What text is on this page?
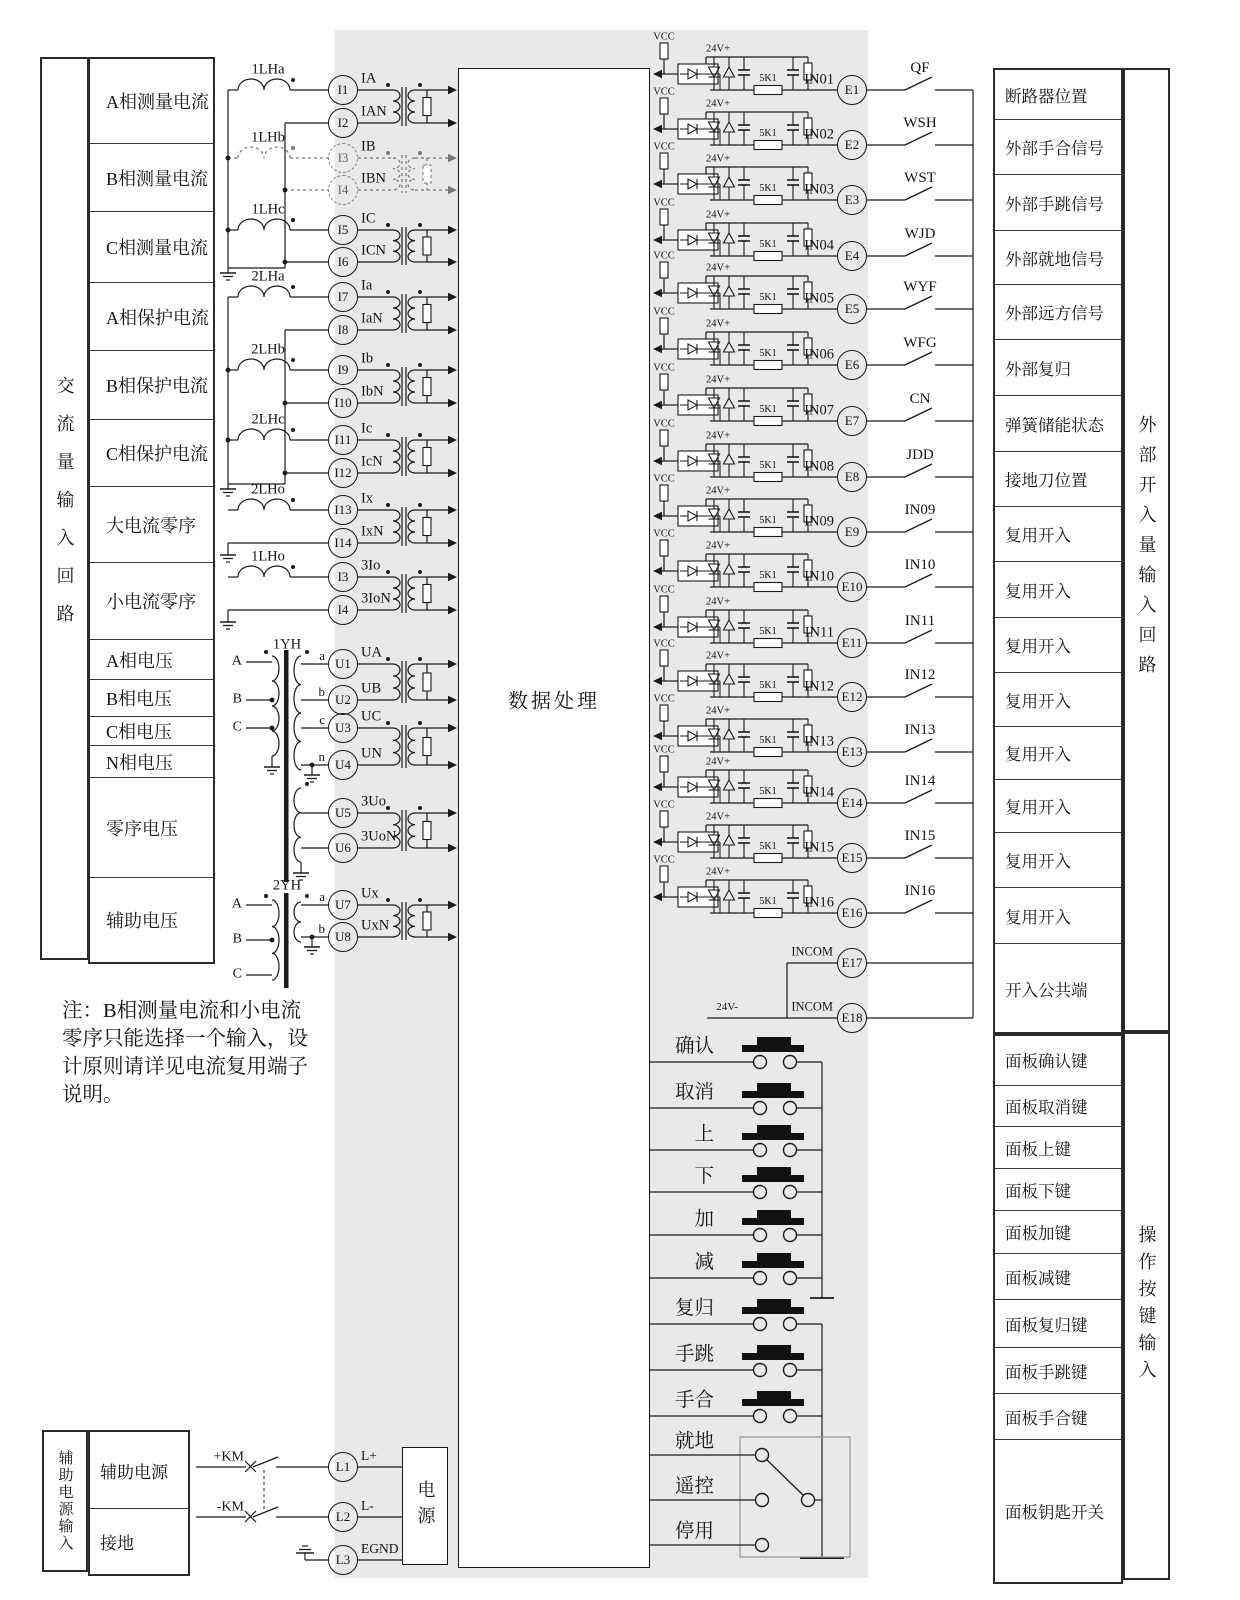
1LHa
I1
I2
IA
IAN
1LHb
I3
I4
IB
IBN
1LHc
I5
I6
IC
ICN
2LHa
I7
I8
Ia
IaN
2LHb
I9
I10
Ib
IbN
2LHc
I11
I12
Ic
IcN
2LHo
I13
I14
Ix
IxN
1LHo
I3
I4
3Io
3IoN
1YH
A
B
C
a
b
c
n
2YH
A
B
C
a
b
U1
UA
U2
UB
U3
UC
U4
UN
U5
3Uo
U6
3UoN
U7
Ux
U8
UxN
VCC
24V+
5K1 IN01
E1
QF
VCC
24V+
5K1 IN02
E2
WSH
VCC
24V+
5K1 IN03
E3
WST
VCC
24V+
5K1 IN04
E4
WJD
VCC
24V+
5K1 IN05
E5
WYF
VCC
24V+
5K1 IN06
E6
WFG
VCC
24V+
5K1 IN07
E7
CN
VCC
24V+
5K1 IN08
E8
JDD
VCC
24V+
5K1 IN09
E9
IN09
VCC
24V+
5K1 IN10
E10
IN10
VCC
24V+
5K1 IN11
E11
IN11
VCC
24V+
5K1 IN12
E12
IN12
VCC
24V+
5K1 IN13
E13
IN13
VCC
24V+
5K1 IN14
E14
IN14
VCC
24V+
5K1 IN15
E15
IN15
VCC
24V+
5K1 IN16
E16
IN16
INCOM
INCOM
24V-
E17
E18
确认
取消
上
下
加
减
复归
手跳
手合
就地
遥控
停用
+KM
-KM
L1
L+
L2
L-
L3
EGND
数据处理
电源
注：B相测量电流和小电流
零序只能选择一个输入，设
计原则请详见电流复用端子
说明。
A相测量电流
B相测量电流
C相测量电流
A相保护电流
B相保护电流
C相保护电流
大电流零序
小电流零序
A相电压
B相电压
C相电压
N相电压
零序电压
辅助电压
交流量输入回路
断路器位置
外部手合信号
外部手跳信号
外部就地信号
外部远方信号
外部复归
弹簧储能状态
接地刀位置
复用开入
复用开入
复用开入
复用开入
复用开入
复用开入
复用开入
复用开入
开入公共端
外部开入量输入回路
面板确认键
面板取消键
面板上键
面板下键
面板加键
面板减键
面板复归键
面板手跳键
面板手合键
面板钥匙开关
操作按键输入
辅助电源
接地
辅助电源输入
